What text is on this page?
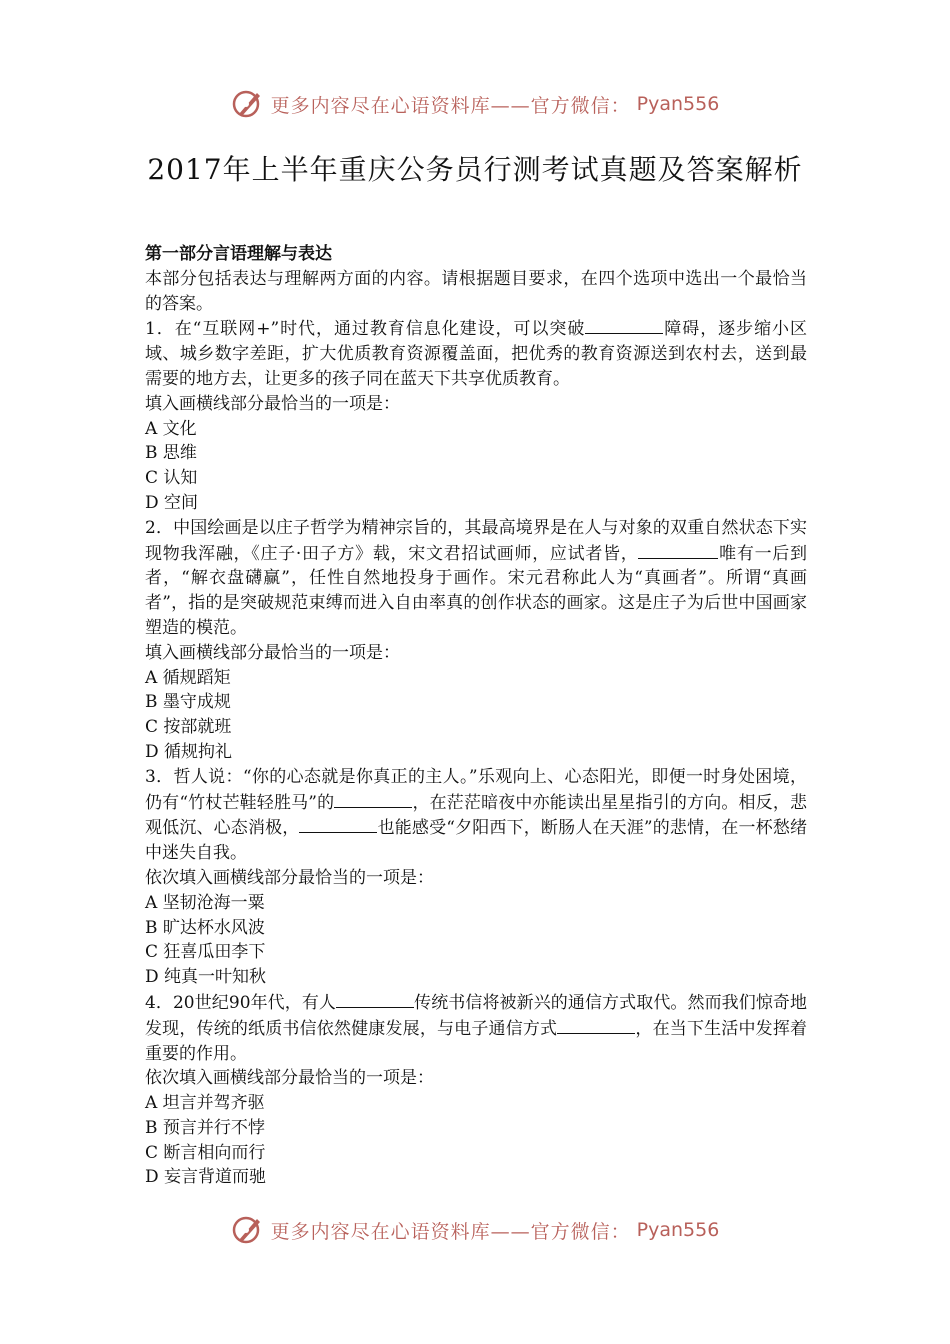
更多内容尽在心语资料库——官方微信： Pyan556
2017年上半年重庆公务员行测考试真题及答案解析

第一部分言语理解与表达

本部分包括表达与理解两方面的内容。请根据题目要求，在四个选项中选出一个最恰当的答案。

1．在“互联网+”时代，通过教育信息化建设，可以突破	障碍，逐步缩小区域、城乡数字差距，扩大优质教育资源覆盖面，把优秀的教育资源送到农村去，送到最需要的地方去，让更多的孩子同在蓝天下共享优质教育。

填入画横线部分最恰当的一项是：

A 文化

B 思维

C 认知

D 空间

2．中国绘画是以庄子哲学为精神宗旨的，其最高境界是在人与对象的双重自然状态下实现物我浑融，《庄子·田子方》载，宋文君招试画师，应试者皆，	唯有一后到者，“解衣盘礴赢”，任性自然地投身于画作。宋元君称此人为“真画者”。所谓“真画者”，指的是突破规范束缚而进入自由率真的创作状态的画家。这是庄子为后世中国画家塑造的模范。

填入画横线部分最恰当的一项是：

A 循规蹈矩

B 墨守成规

C 按部就班

D 循规拘礼

3．哲人说：“你的心态就是你真正的主人。”乐观向上、心态阳光，即便一时身处困境，仍有“竹杖芒鞋轻胜马”的	，在茫茫暗夜中亦能读出星星指引的方向。相反，悲观低沉、心态消极，	也能感受“夕阳西下，断肠人在天涯”的悲情，在一杯愁绪中迷失自我。

依次填入画横线部分最恰当的一项是：

A 坚韧沧海一粟

B 旷达杯水风波

C 狂喜瓜田李下

D 纯真一叶知秋

4．20世纪90年代，有人	传统书信将被新兴的通信方式取代。然而我们惊奇地发现，传统的纸质书信依然健康发展，与电子通信方式	，在当下生活中发挥着重要的作用。

依次填入画横线部分最恰当的一项是：

A 坦言并驾齐驱

B 预言并行不悖

C 断言相向而行

D 妄言背道而驰

更多内容尽在心语资料库——官方微信： Pyan556
